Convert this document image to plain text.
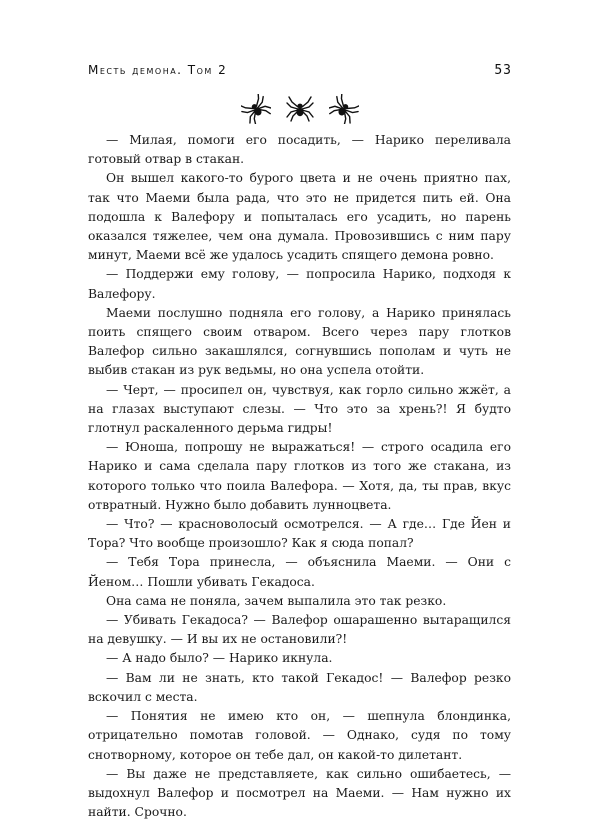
Месть демона. Том 2	53

— Милая, помоги его посадить, — Нарико переливала готовый отвар в стакан.

Он вышел какого-то бурого цвета и не очень приятно пах, так что Маеми была рада, что это не придется пить ей. Она подошла к Валефору и попыталась его усадить, но парень оказался тяжелее, чем она думала. Провозившись с ним пару минут, Маеми всё же удалось усадить спящего демона ровно.

— Поддержи ему голову, — попросила Нарико, подходя к Валефору.

Маеми послушно подняла его голову, а Нарико принялась поить спящего своим отваром. Всего через пару глотков Валефор сильно закашлялся, согнувшись пополам и чуть не выбив стакан из рук ведьмы, но она успела отойти.

— Черт, — просипел он, чувствуя, как горло сильно жжёт, а на глазах выступают слезы. — Что это за хрень?! Я будто глотнул раскаленного дерьма гидры!

— Юноша, попрошу не выражаться! — строго осадила его Нарико и сама сделала пару глотков из того же стакана, из которого только что поила Валефора. — Хотя, да, ты прав, вкус отвратный. Нужно было добавить лунноцвета.

— Что? — красноволосый осмотрелся. — А где… Где Йен и Тора? Что вообще произошло? Как я сюда попал?

— Тебя Тора принесла, — объяснила Маеми. — Они с Йеном… Пошли убивать Гекадоса.

Она сама не поняла, зачем выпалила это так резко.

— Убивать Гекадоса? — Валефор ошарашенно вытаращился на девушку. — И вы их не остановили?!

— А надо было? — Нарико икнула.

— Вам ли не знать, кто такой Гекадос! — Валефор резко вскочил с места.

— Понятия не имею кто он, — шепнула блондинка, отрицательно помотав головой. — Однако, судя по тому снотворному, которое он тебе дал, он какой-то дилетант.

— Вы даже не представляете, как сильно ошибаетесь, — выдохнул Валефор и посмотрел на Маеми. — Нам нужно их найти. Срочно.
